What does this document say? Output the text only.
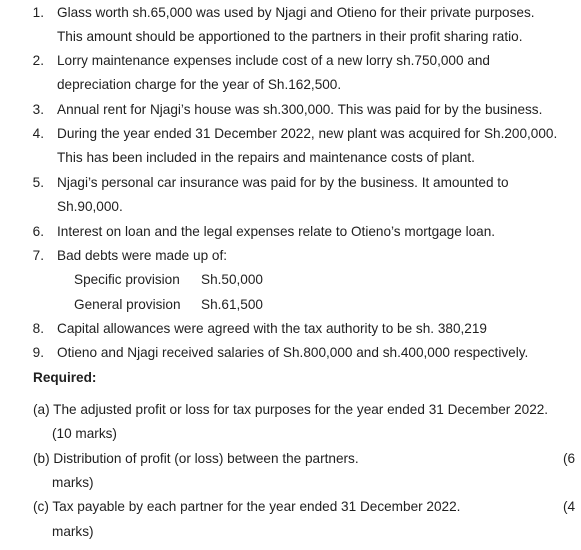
1. Glass worth sh.65,000 was used by Njagi and Otieno for their private purposes.
This amount should be apportioned to the partners in their profit sharing ratio.
2. Lorry maintenance expenses include cost of a new lorry sh.750,000 and
depreciation charge for the year of Sh.162,500.
3. Annual rent for Njagi’s house was sh.300,000. This was paid for by the business.
4. During the year ended 31 December 2022, new plant was acquired for Sh.200,000.
This has been included in the repairs and maintenance costs of plant.
5. Njagi’s personal car insurance was paid for by the business. It amounted to
Sh.90,000.
6. Interest on loan and the legal expenses relate to Otieno’s mortgage loan.
7. Bad debts were made up of:
Specific provision Sh.50,000
General provision Sh.61,500
8. Capital allowances were agreed with the tax authority to be sh. 380,219
9. Otieno and Njagi received salaries of Sh.800,000 and sh.400,000 respectively.
Required:
(a) The adjusted profit or loss for tax purposes for the year ended 31 December 2022.
(10 marks)
(b) Distribution of profit (or loss) between the partners.	(6
marks)
(c) Tax payable by each partner for the year ended 31 December 2022.	(4
marks)
